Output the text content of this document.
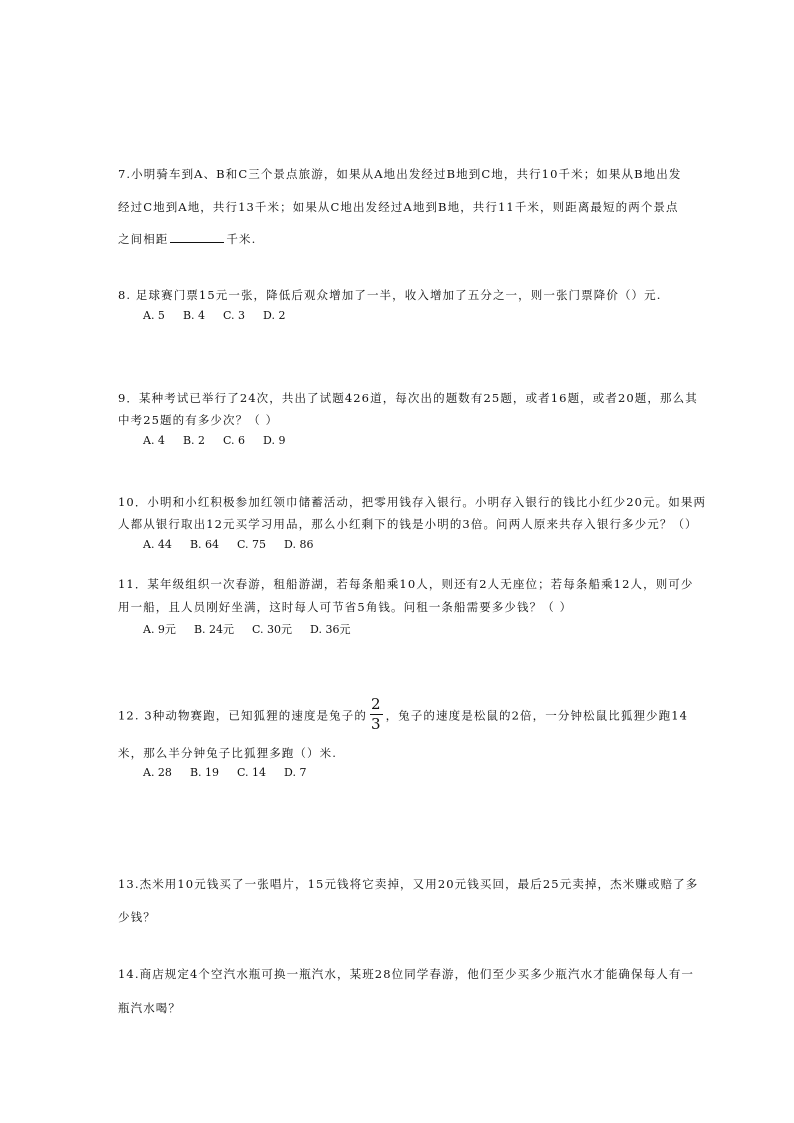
7.小明骑车到A、B和C三个景点旅游，如果从A地出发经过B地到C地，共行10千米；如果从B地出发
经过C地到A地，共行13千米；如果从C地出发经过A地到B地，共行11千米，则距离最短的两个景点
之间相距	千米.
8. 足球赛门票15元一张，降低后观众增加了一半，收入增加了五分之一，则一张门票降价（）元.
A. 5 B. 4 C. 3 D. 2
9．某种考试已举行了24次，共出了试题426道，每次出的题数有25题，或者16题，或者20题，那么其
中考25题的有多少次？（ ）
A. 4 B. 2 C. 6 D. 9
10．小明和小红积极参加红领巾储蓄活动，把零用钱存入银行。小明存入银行的钱比小红少20元。如果两
人都从银行取出12元买学习用品，那么小红剩下的钱是小明的3倍。问两人原来共存入银行多少元？（）
A. 44 B. 64 C. 75 D. 86
11．某年级组织一次春游，租船游湖，若每条船乘10人，则还有2人无座位；若每条船乘12人，则可少
用一船，且人员刚好坐满，这时每人可节省5角钱。问租一条船需要多少钱？（ ）
A. 9元 B. 24元 C. 30元 D. 36元
12. 3种动物赛跑，已知狐狸的速度是兔子的 $\frac{2}{3}$ ，兔子的速度是松鼠的2倍，一分钟松鼠比狐狸少跑14
米，那么半分钟兔子比狐狸多跑（）米.
A. 28 B. 19 C. 14 D. 7
13.杰米用10元钱买了一张唱片，15元钱将它卖掉，又用20元钱买回，最后25元卖掉，杰米赚或赔了多
少钱？
14.商店规定4个空汽水瓶可换一瓶汽水，某班28位同学春游，他们至少买多少瓶汽水才能确保每人有一
瓶汽水喝？
